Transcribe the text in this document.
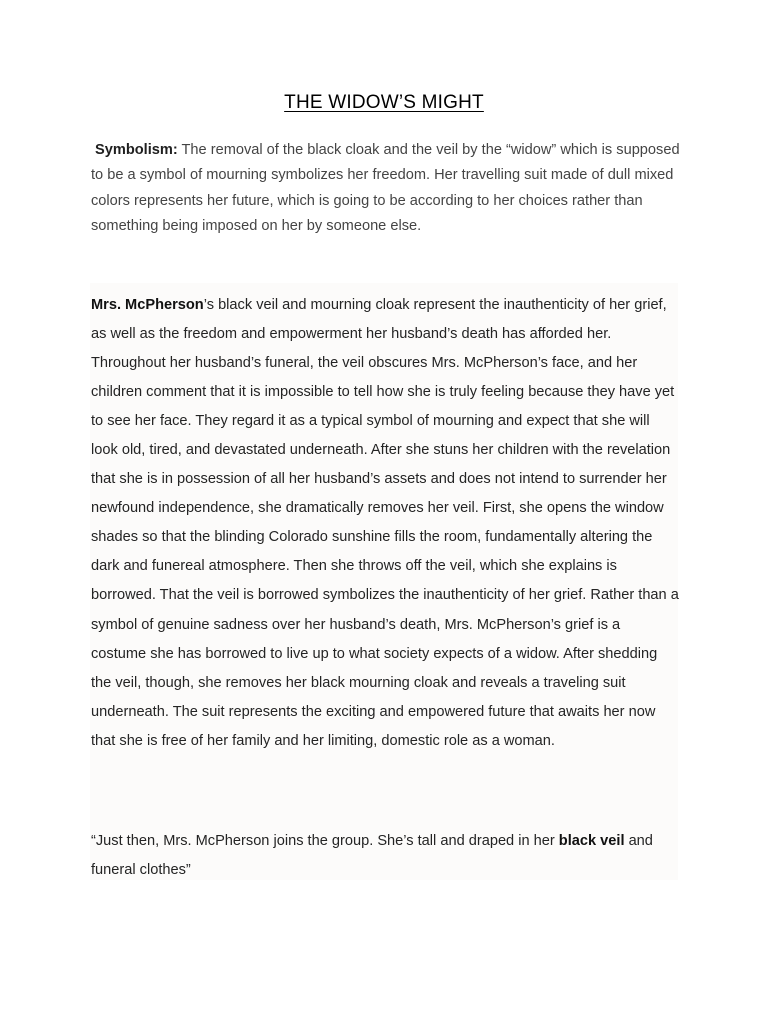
THE WIDOW’S MIGHT

Symbolism: The removal of the black cloak and the veil by the “widow” which is supposed to be a symbol of mourning symbolizes her freedom. Her travelling suit made of dull mixed colors represents her future, which is going to be according to her choices rather than something being imposed on her by someone else.

Mrs. McPherson’s black veil and mourning cloak represent the inauthenticity of her grief, as well as the freedom and empowerment her husband’s death has afforded her. Throughout her husband’s funeral, the veil obscures Mrs. McPherson’s face, and her children comment that it is impossible to tell how she is truly feeling because they have yet to see her face. They regard it as a typical symbol of mourning and expect that she will look old, tired, and devastated underneath. After she stuns her children with the revelation that she is in possession of all her husband’s assets and does not intend to surrender her newfound independence, she dramatically removes her veil. First, she opens the window shades so that the blinding Colorado sunshine fills the room, fundamentally altering the dark and funereal atmosphere. Then she throws off the veil, which she explains is borrowed. That the veil is borrowed symbolizes the inauthenticity of her grief. Rather than a symbol of genuine sadness over her husband’s death, Mrs. McPherson’s grief is a costume she has borrowed to live up to what society expects of a widow. After shedding the veil, though, she removes her black mourning cloak and reveals a traveling suit underneath. The suit represents the exciting and empowered future that awaits her now that she is free of her family and her limiting, domestic role as a woman.

“Just then, Mrs. McPherson joins the group. She’s tall and draped in her black veil and funeral clothes”
